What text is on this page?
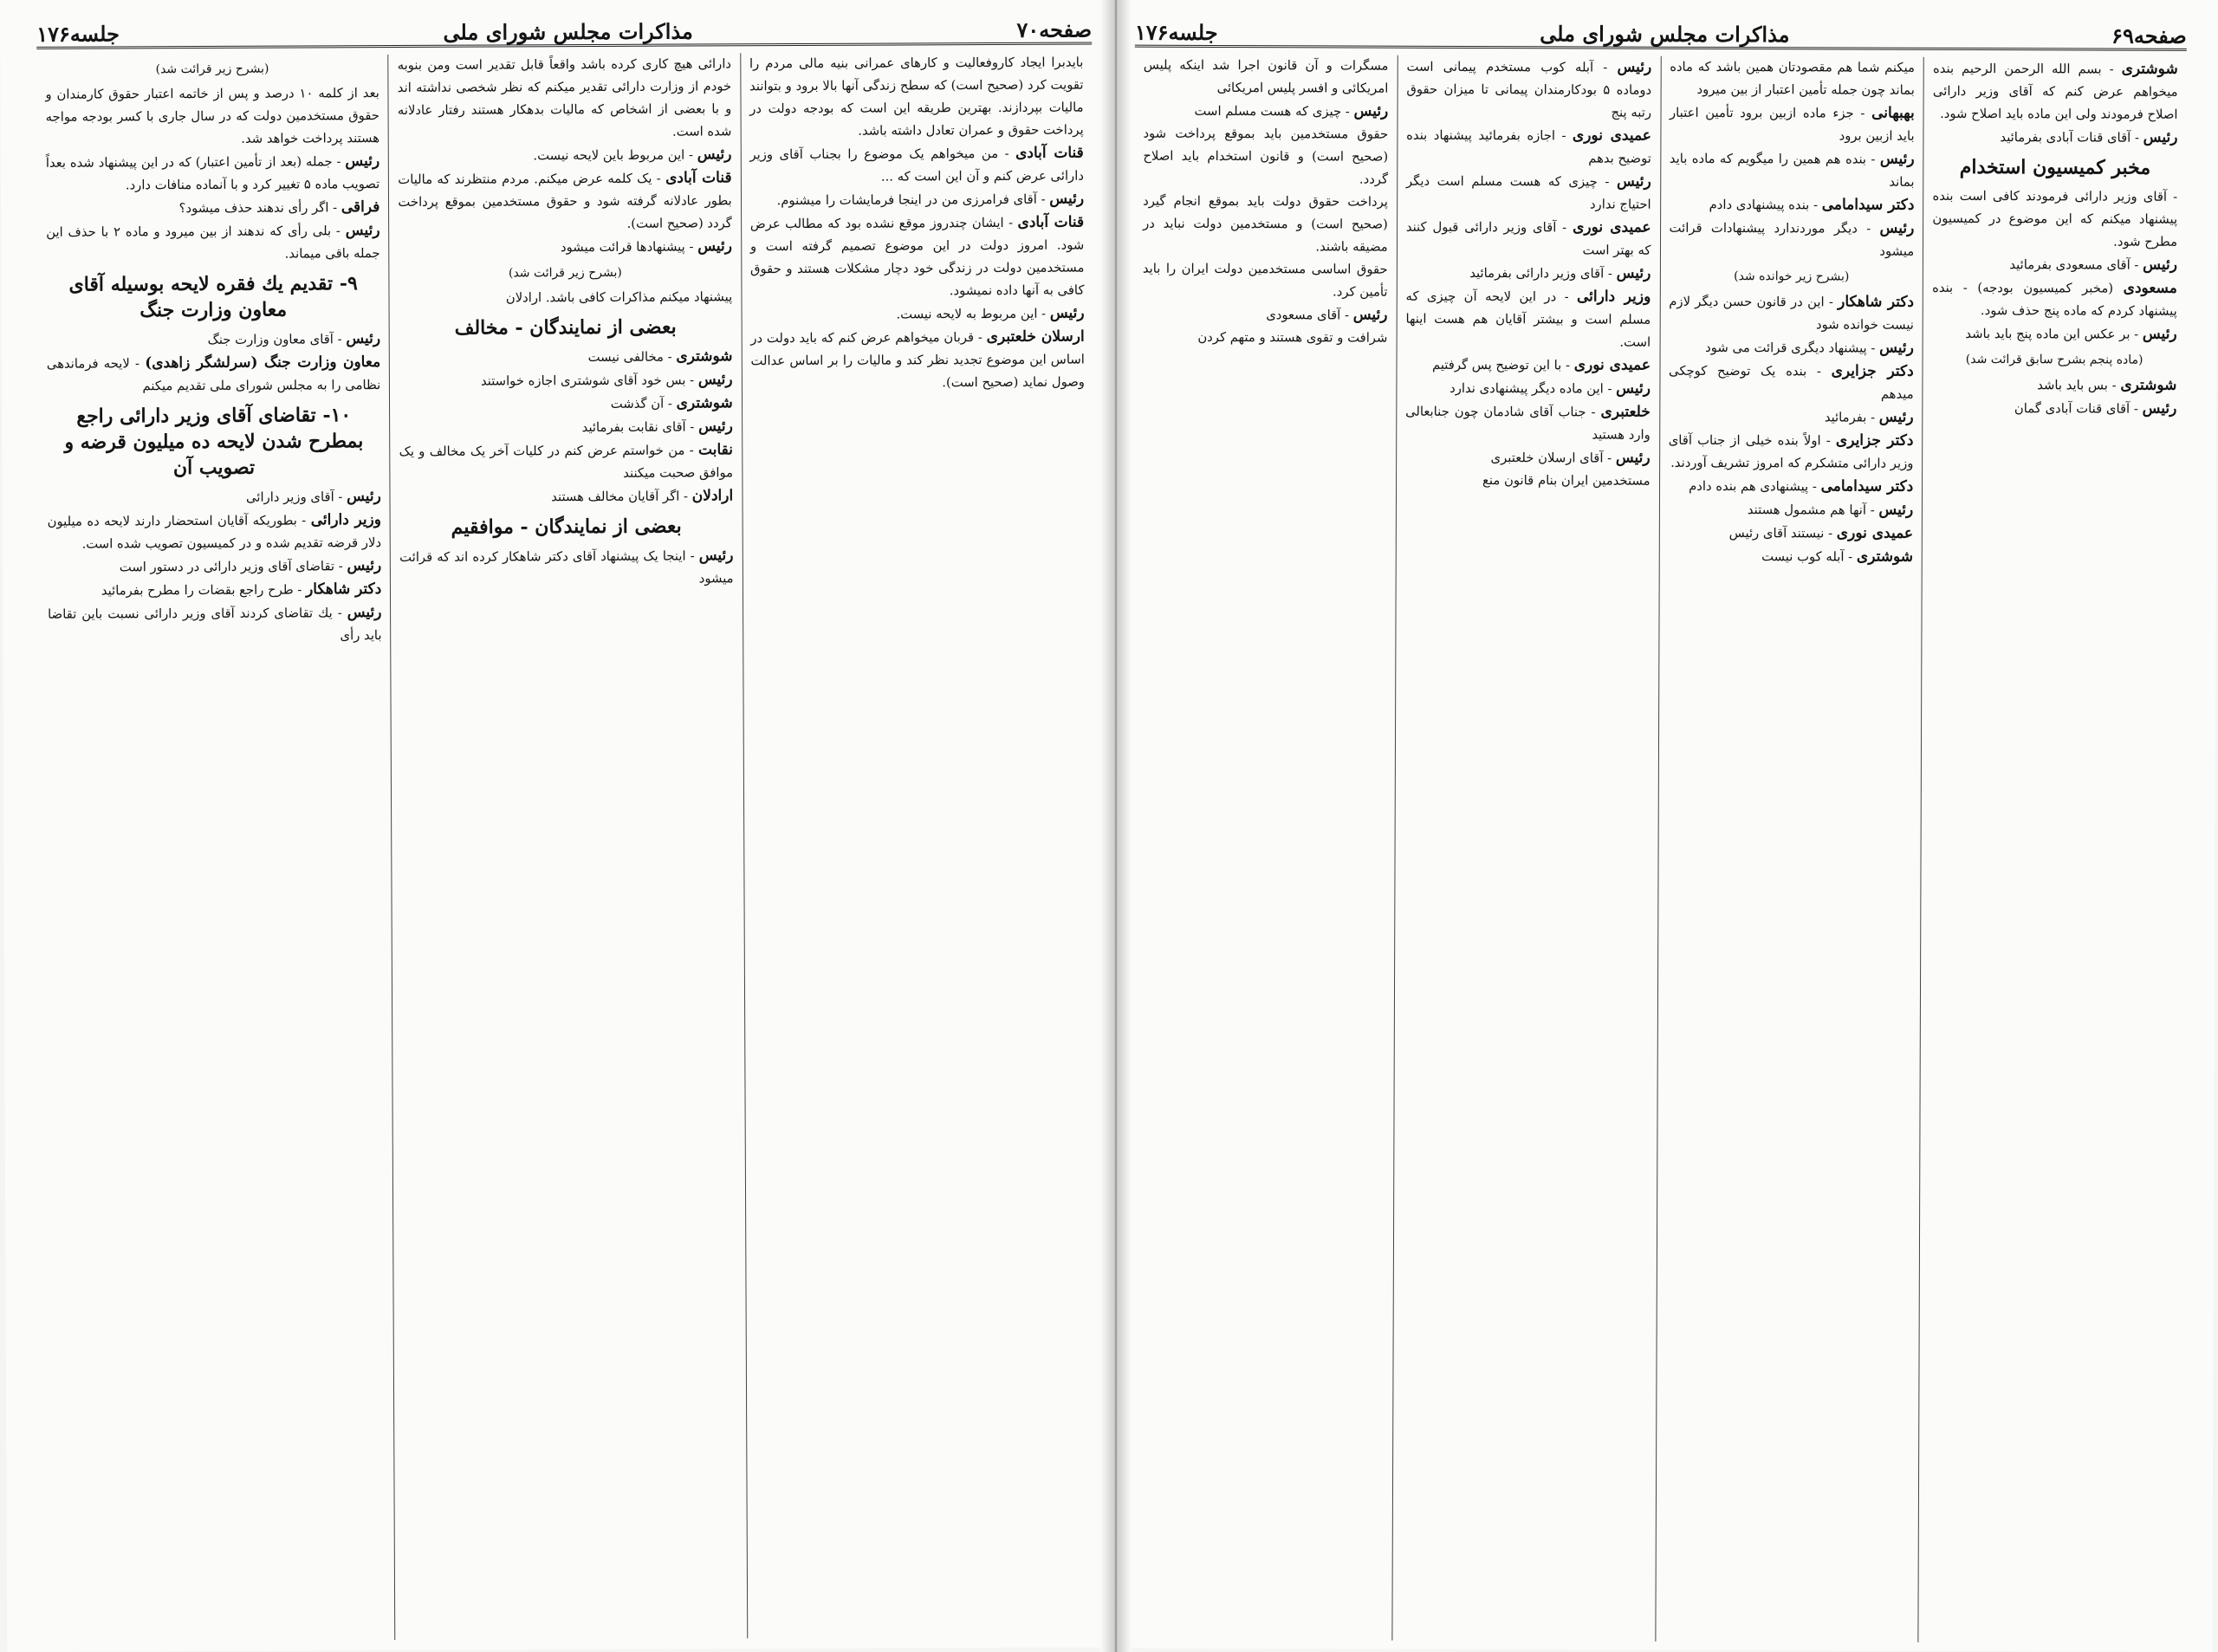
صفحه۷۰
مذاکرات مجلس شورای ملی
جلسه۱۷۶
بایدبرا ایجاد کاروفعالیت و کارهای عمرانی بنیه مالی مردم را تقویت کرد (صحیح است) که سطح زندگی آنها بالا برود و بتوانند مالیات بپردازند. بهترین طریقه این است که بودجه دولت در پرداخت حقوق و عمران تعادل داشته باشد.
قنات آبادی - من میخواهم یک موضوع را بجناب آقای وزیر دارائی عرض کنم و آن این است که ...
رئیس - آقای فرامرزی من در اینجا فرمایشات را میشنوم.
قنات آبادی - ایشان چندروز موقع نشده بود که مطالب عرض شود. امروز دولت در این موضوع تصمیم گرفته است و مستخدمین دولت در زندگی خود دچار مشکلات هستند و حقوق کافی به آنها داده نمیشود.
رئیس - این مربوط به لایحه نیست.
ارسلان خلعتبری - قربان میخواهم عرض کنم که باید دولت در اساس این موضوع تجدید نظر کند و مالیات را بر اساس عدالت وصول نماید (صحیح است).

دارائی هیچ کاری کرده باشد واقعاً قابل تقدیر است ومن بنوبه خودم از وزارت دارائی تقدیر میکنم که نظر شخصی نداشته اند و با بعضی از اشخاص که مالیات بدهکار هستند رفتار عادلانه شده است.
رئیس - این مربوط باین لایحه نیست.
قنات آبادی - یک کلمه عرض میکنم. مردم منتظرند که مالیات بطور عادلانه گرفته شود و حقوق مستخدمین بموقع پرداخت گردد (صحیح است).
رئیس - پیشنهادها قرائت میشود

(بشرح زیر قرائت شد)
پیشنهاد میکنم مذاکرات کافی باشد. ارادلان

بعضی از نمایندگان - مخالف
شوشتری - مخالفی نیست
رئیس - بس خود آقای شوشتری اجازه خواستند
شوشتری - آن گذشت
رئیس - آقای نقابت بفرمائید
نقابت - من خواستم عرض کنم در کلیات آخر یک مخالف و یک موافق صحبت میکنند
ارادلان - اگر آقایان مخالف هستند

بعضی از نمایندگان - موافقیم
رئیس - اینجا یک پیشنهاد آقای دکتر شاهکار کرده اند که قرائت میشود

(بشرح زیر قرائت شد)
بعد از کلمه ۱۰ درصد و پس از خاتمه اعتبار حقوق کارمندان و حقوق مستخدمین دولت که در سال جاری با کسر بودجه مواجه هستند پرداخت خواهد شد.
رئیس - جمله (بعد از تأمین اعتبار) که در این پیشنهاد شده بعداً تصویب ماده ۵ تغییر کرد و با آنماده منافات دارد.
فراقی - اگر رأی ندهند حذف میشود؟
رئیس - بلی رأی که ندهند از بین میرود و ماده ۲ با حذف این جمله باقی میماند.

۹- تقدیم یك فقره لایحه بوسیله آقای معاون وزارت جنگ
رئیس - آقای معاون وزارت جنگ
معاون وزارت جنگ (سرلشگر زاهدی) - لایحه فرماندهی نظامی را به مجلس شورای ملی تقدیم میکنم

۱۰- تقاضای آقای وزیر دارائی راجع بمطرح شدن لایحه ده میلیون قرضه و تصویب آن
رئیس - آقای وزیر دارائی
وزیر دارائی - بطوریکه آقایان استحضار دارند لایحه ده میلیون دلار قرضه تقدیم شده و در کمیسیون تصویب شده است.
رئیس - تقاضای آقای وزیر دارائی در دستور است
دکتر شاهکار - طرح راجع بقضات را مطرح بفرمائید
رئیس - یك تقاضای کردند آقای وزیر دارائی نسبت باین تقاضا باید رأی

صفحه۶۹
مذاکرات مجلس شورای ملی
جلسه۱۷۶
شوشتری - بسم الله الرحمن الرحیم بنده میخواهم عرض کنم که آقای وزیر دارائی اصلاح فرمودند ولی این ماده باید اصلاح شود.
رئیس - آقای قنات آبادی بفرمائید

مخبر کمیسیون استخدام
- آقای وزیر دارائی فرمودند کافی است بنده پیشنهاد میکنم که این موضوع در کمیسیون مطرح شود.
رئیس - آقای مسعودی بفرمائید
مسعودی (مخبر کمیسیون بودجه) - بنده پیشنهاد کردم که ماده پنج حذف شود.
رئیس - بر عکس این ماده پنج باید باشد

(ماده پنجم بشرح سابق قرائت شد)
شوشتری - بس باید باشد
رئیس - آقای قنات آبادی گمان

میکنم شما هم مقصودتان همین باشد که ماده بماند چون جمله تأمین اعتبار از بین میرود
بهبهانی - جزء ماده ازبین برود تأمین اعتبار باید ازبین برود
رئیس - بنده هم همین را میگویم که ماده باید بماند
دکتر سیدامامی - بنده پیشنهادی دادم
رئیس - دیگر موردندارد پیشنهادات قرائت میشود

(بشرح زیر خوانده شد)
دکتر شاهکار - این در قانون حسن دیگر لازم نیست خوانده شود
رئیس - پیشنهاد دیگری قرائت می شود
دکتر جزایری - بنده یک توضیح کوچکی میدهم
رئیس - بفرمائید
دکتر جزایری - اولاً بنده خیلی از جناب آقای وزیر دارائی متشکرم که امروز تشریف آوردند.
دکتر سیدامامی - پیشنهادی هم بنده دادم
رئیس - آنها هم مشمول هستند
عمیدی نوری - نیستند آقای رئیس
شوشتری - آبله کوب نیست

رئیس - آبله کوب مستخدم پیمانی است دوماده ۵ بودکارمندان پیمانی تا میزان حقوق رتبه پنج
عمیدی نوری - اجازه بفرمائید پیشنهاد بنده توضیح بدهم
رئیس - چیزی که هست مسلم است دیگر احتیاج ندارد
عمیدی نوری - آقای وزیر دارائی قبول کنند که بهتر است
رئیس - آقای وزیر دارائی بفرمائید
وزیر دارائی - در این لایحه آن چیزی که مسلم است و بیشتر آقایان هم هست اینها است.
عمیدی نوری - با این توضیح پس گرفتیم
رئیس - این ماده دیگر پیشنهادی ندارد
خلعتبری - جناب آقای شادمان چون جنابعالی وارد هستید
رئیس - آقای ارسلان خلعتبری
مستخدمین ایران بنام قانون منع

مسگرات و آن قانون اجرا شد اینکه پلیس امریکائی و افسر پلیس امریکائی
رئیس - چیزی که هست مسلم است
حقوق مستخدمین باید بموقع پرداخت شود (صحیح است) و قانون استخدام باید اصلاح گردد.
پرداخت حقوق دولت باید بموقع انجام گیرد (صحیح است) و مستخدمین دولت نباید در مضیقه باشند.
حقوق اساسی مستخدمین دولت ایران را باید تأمین کرد.
رئیس - آقای مسعودی
شرافت و تقوی هستند و متهم کردن
